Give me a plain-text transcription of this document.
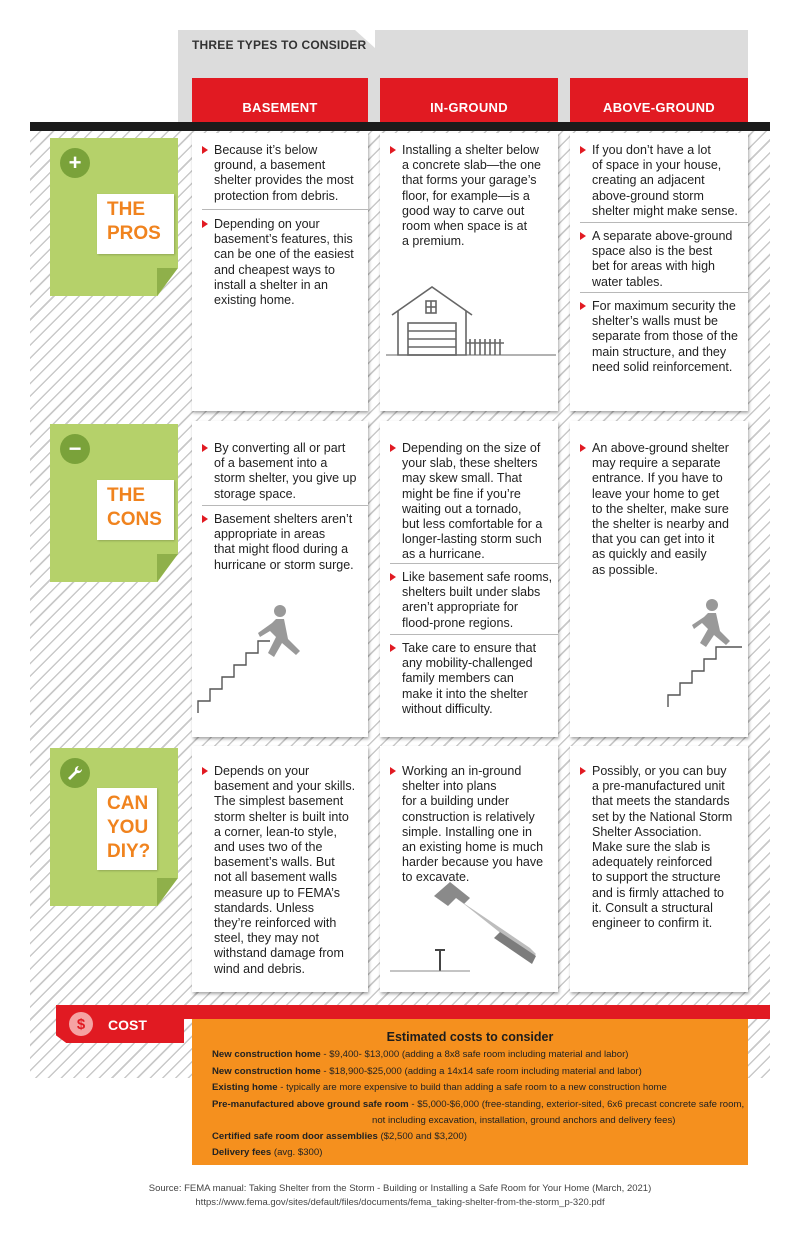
THREE TYPES TO CONSIDER
BASEMENT	IN-GROUND	ABOVE-GROUND
+
THE
PROS
Because it’s below
ground, a basement
shelter provides the most
protection from debris.
Depending on your
basement’s features, this
can be one of the easiest
and cheapest ways to
install a shelter in an
existing home.
Installing a shelter below
a concrete slab—the one
that forms your garage’s
floor, for example—is a
good way to carve out
room when space is at
a premium.
If you don’t have a lot
of space in your house,
creating an adjacent
above-ground storm
shelter might make sense.
A separate above-ground
space also is the best
bet for areas with high
water tables.
For maximum security the
shelter’s walls must be
separate from those of the
main structure, and they
need solid reinforcement.
−
THE
CONS
By converting all or part
of a basement into a
storm shelter, you give up
storage space.
Basement shelters aren’t
appropriate in areas
that might flood during a
hurricane or storm surge.
Depending on the size of
your slab, these shelters
may skew small. That
might be fine if you’re
waiting out a tornado,
but less comfortable for a
longer-lasting storm such
as a hurricane.
Like basement safe rooms,
shelters built under slabs
aren’t appropriate for
flood-prone regions.
Take care to ensure that
any mobility-challenged
family members can
make it into the shelter
without difficulty.
An above-ground shelter
may require a separate
entrance. If you have to
leave your home to get
to the shelter, make sure
the shelter is nearby and
that you can get into it
as quickly and easily
as possible.
CAN
YOU
DIY?
Depends on your
basement and your skills.
The simplest basement
storm shelter is built into
a corner, lean-to style,
and uses two of the
basement’s walls. But
not all basement walls
measure up to FEMA’s
standards. Unless
they’re reinforced with
steel, they may not
withstand damage from
wind and debris.
Working an in-ground
shelter into plans
for a building under
construction is relatively
simple. Installing one in
an existing home is much
harder because you have
to excavate.
Possibly, or you can buy
a pre-manufactured unit
that meets the standards
set by the National Storm
Shelter Association.
Make sure the slab is
adequately reinforced
to support the structure
and is firmly attached to
it. Consult a structural
engineer to confirm it.
$	COST
Estimated costs to consider
New construction home - $9,400- $13,000 (adding a 8x8 safe room including material and labor)
New construction home - $18,900-$25,000 (adding a 14x14 safe room including material and labor)
Existing home - typically are more expensive to build than adding a safe room to a new construction home
Pre-manufactured above ground safe room - $5,000-$6,000 (free-standing, exterior-sited, 6x6 precast concrete safe room,
not including excavation, installation, ground anchors and delivery fees)
Certified safe room door assemblies ($2,500 and $3,200)
Delivery fees (avg. $300)
Source: FEMA manual: Taking Shelter from the Storm - Building or Installing a Safe Room for Your Home (March, 2021)
https://www.fema.gov/sites/default/files/documents/fema_taking-shelter-from-the-storm_p-320.pdf
